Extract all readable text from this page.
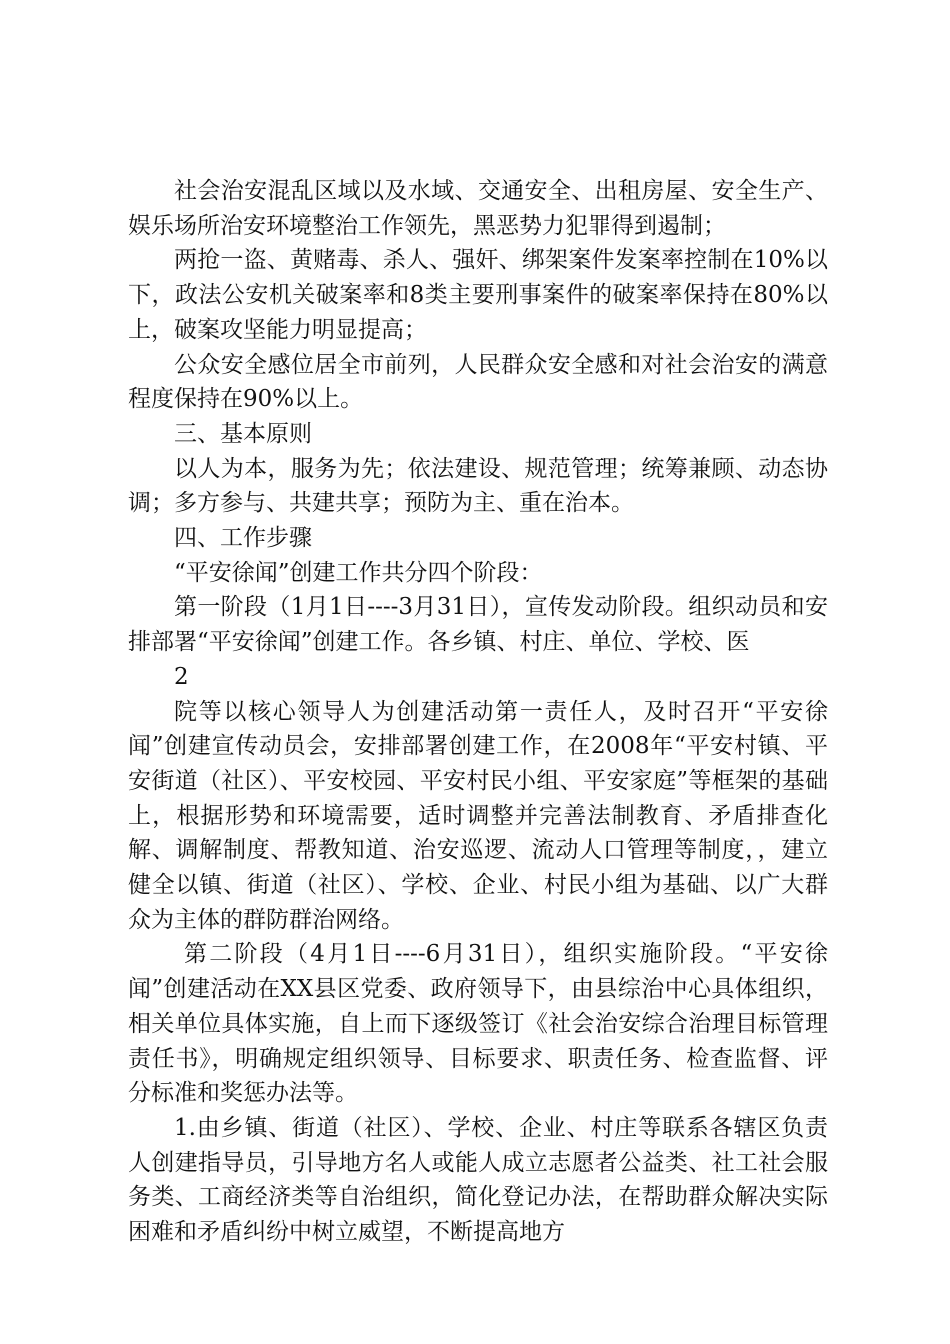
社会治安混乱区域以及水域、交通安全、出租房屋、安全生产、娱乐场所治安环境整治工作领先，黑恶势力犯罪得到遏制；

两抢一盗、黄赌毒、杀人、强奸、绑架案件发案率控制在10%以下，政法公安机关破案率和8类主要刑事案件的破案率保持在80%以上，破案攻坚能力明显提高；

公众安全感位居全市前列，人民群众安全感和对社会治安的满意程度保持在90%以上。

三、基本原则

以人为本，服务为先；依法建设、规范管理；统筹兼顾、动态协调；多方参与、共建共享；预防为主、重在治本。

四、工作步骤

“平安徐闻”创建工作共分四个阶段：

第一阶段（1月1日----3月31日），宣传发动阶段。组织动员和安排部署“平安徐闻”创建工作。各乡镇、村庄、单位、学校、医

2

院等以核心领导人为创建活动第一责任人，及时召开“平安徐闻”创建宣传动员会，安排部署创建工作，在2008年“平安村镇、平安街道（社区）、平安校园、平安村民小组、平安家庭”等框架的基础上，根据形势和环境需要，适时调整并完善法制教育、矛盾排查化解、调解制度、帮教知道、治安巡逻、流动人口管理等制度，，建立健全以镇、街道（社区）、学校、企业、村民小组为基础、以广大群众为主体的群防群治网络。

第二阶段（4月1日----6月31日），组织实施阶段。“平安徐闻”创建活动在XX县区党委、政府领导下，由县综治中心具体组织，相关单位具体实施，自上而下逐级签订《社会治安综合治理目标管理责任书》，明确规定组织领导、目标要求、职责任务、检查监督、评分标准和奖惩办法等。

1.由乡镇、街道（社区）、学校、企业、村庄等联系各辖区负责人创建指导员，引导地方名人或能人成立志愿者公益类、社工社会服务类、工商经济类等自治组织，简化登记办法，在帮助群众解决实际困难和矛盾纠纷中树立威望，不断提高地方
